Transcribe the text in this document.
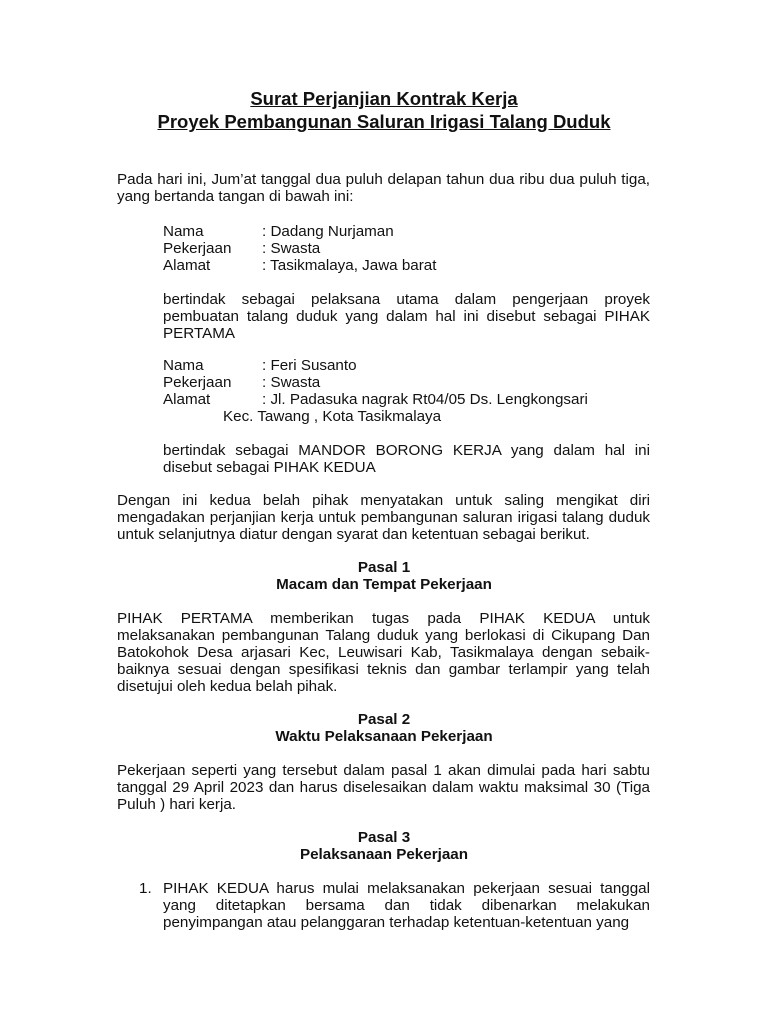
Surat Perjanjian Kontrak Kerja
Proyek Pembangunan Saluran Irigasi Talang Duduk
Pada hari ini, Jum’at tanggal dua puluh delapan tahun dua ribu dua puluh tiga, yang bertanda tangan di bawah ini:
Nama	: Dadang Nurjaman
Pekerjaan : Swasta
Alamat	: Tasikmalaya, Jawa barat
bertindak sebagai pelaksana utama dalam pengerjaan proyek pembuatan talang duduk yang dalam hal ini disebut sebagai PIHAK PERTAMA
Nama	: Feri Susanto
Pekerjaan : Swasta
Alamat	: Jl. Padasuka nagrak Rt04/05 Ds. Lengkongsari
Kec. Tawang , Kota Tasikmalaya
bertindak sebagai MANDOR BORONG KERJA yang dalam hal ini disebut sebagai PIHAK KEDUA
Dengan ini kedua belah pihak menyatakan untuk saling mengikat diri mengadakan perjanjian kerja untuk pembangunan saluran irigasi talang duduk untuk selanjutnya diatur dengan syarat dan ketentuan sebagai berikut.
Pasal 1
Macam dan Tempat Pekerjaan
PIHAK PERTAMA memberikan tugas pada PIHAK KEDUA untuk melaksanakan pembangunan Talang duduk yang berlokasi di Cikupang Dan Batokohok Desa arjasari Kec, Leuwisari Kab, Tasikmalaya dengan sebaik-baiknya sesuai dengan spesifikasi teknis dan gambar terlampir yang telah disetujui oleh kedua belah pihak.
Pasal 2
Waktu Pelaksanaan Pekerjaan
Pekerjaan seperti yang tersebut dalam pasal 1 akan dimulai pada hari sabtu tanggal 29 April 2023 dan harus diselesaikan dalam waktu maksimal 30 (Tiga Puluh ) hari kerja.
Pasal 3
Pelaksanaan Pekerjaan
1. PIHAK KEDUA harus mulai melaksanakan pekerjaan sesuai tanggal yang ditetapkan bersama dan tidak dibenarkan melakukan penyimpangan atau pelanggaran terhadap ketentuan-ketentuan yang
